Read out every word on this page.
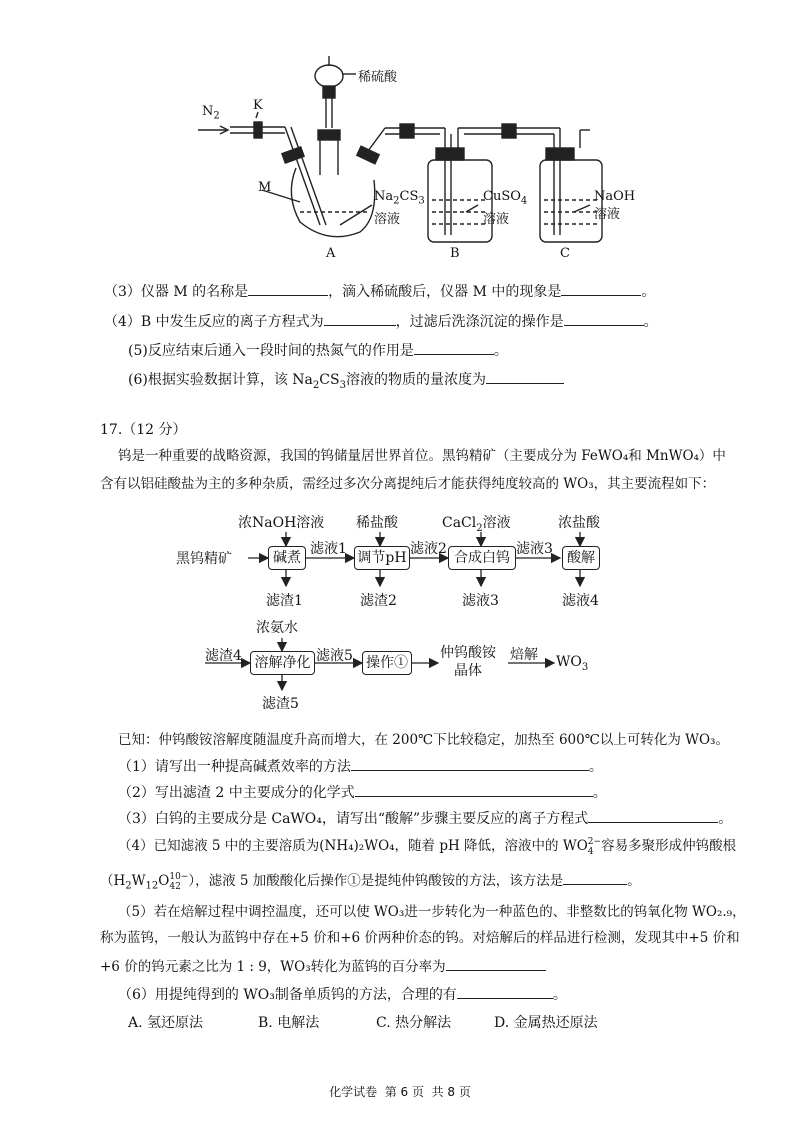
稀硫酸
$N_2$
K
M
$Na_2CS_3$
溶液
CuSO$_4$
溶液
NaOH
溶液
A	B	C
（3）仪器 M 的名称是	，滴入稀硫酸后，仪器 M 中的现象是	。
（4）B 中发生反应的离子方程式为	，过滤后洗涤沉淀的操作是	。
(5)反应结束后通入一段时间的热氮气的作用是	。
(6)根据实验数据计算，该 $Na_2CS_3$溶液的物质的量浓度为
17.（12 分）
钨是一种重要的战略资源，我国的钨储量居世界首位。黑钨精矿（主要成分为 FeWO₄和 MnWO₄）中
含有以铝硅酸盐为主的多种杂质，需经过多次分离提纯后才能获得纯度较高的 WO₃，其主要流程如下：
浓NaOH溶液 稀盐酸	CaCl$_2$溶液	浓盐酸
黑钨精矿	碱煮	调节pH	合成白钨	酸解
滤液1	滤液2	滤液3
滤渣1	滤渣2	滤液3	滤液4
浓氨水
滤渣4 溶解净化 滤液5 操作①
仲钨酸铵
晶体
焙解 $WO_3$
滤渣5
已知：仲钨酸铵溶解度随温度升高而增大，在 200℃下比较稳定，加热至 600℃以上可转化为 WO₃。
（1）请写出一种提高碱煮效率的方法	。
（2）写出滤渣 2 中主要成分的化学式	。
（3）白钨的主要成分是 CaWO₄，请写出“酸解”步骤主要反应的离子方程式	。
（4）已知滤液 5 中的主要溶质为(NH₄)₂WO₄，随着 pH 降低，溶液中的 WO2−
4 容易多聚形成仲钨酸根
（$H_2W_{12}O10-$
42 ），滤液 5 加酸酸化后操作①是提纯仲钨酸铵的方法，该方法是	。
（5）若在焙解过程中调控温度，还可以使 WO₃进一步转化为一种蓝色的、非整数比的钨氧化物 WO₂.₉，
称为蓝钨，一般认为蓝钨中存在+5 价和+6 价两种价态的钨。对焙解后的样品进行检测，发现其中+5 价和
+6 价的钨元素之比为 1 : 9，WO₃转化为蓝钨的百分率为
（6）用提纯得到的 WO₃制备单质钨的方法，合理的有	。
A. 氢还原法	B. 电解法	C. 热分解法	D. 金属热还原法
化学试卷  第 6 页  共 8 页
